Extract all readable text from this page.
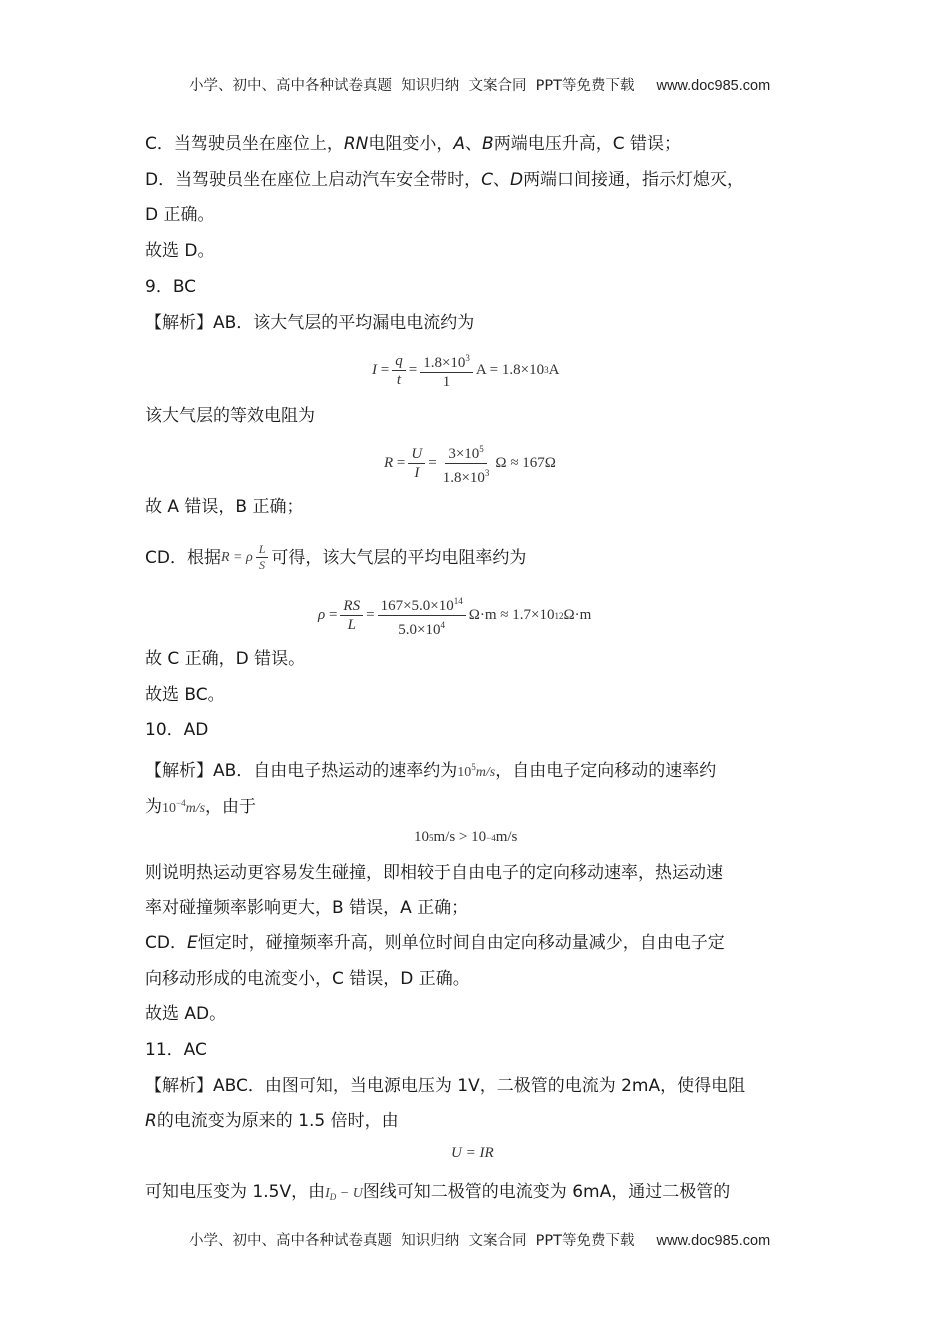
小学、初中、高中各种试卷真题  知识归纳  文案合同  PPT等免费下载 www.doc985.com

C．当驾驶员坐在座位上，RN电阻变小，A、B两端电压升高，C 错误；
D．当驾驶员坐在座位上启动汽车安全带时，C、D两端口间接通，指示灯熄灭，
D 正确。
故选 D。
9．BC
【解析】AB．该大气层的平均漏电电流约为
I
= $\frac{q}{t} = \frac{1.8\times 10^3}{1}$ A = 1.8×10 3 A
该大气层的等效电阻为
R
= $\frac{U}{I} = \frac{3\times 10^5}{1.8\times 10^3}$ Ω ≈ 167Ω
故 A 错误，B 正确；
CD．根据 R = ρ $\frac{L}{S}$ 可得，该大气层的平均电阻率约为
ρ
= $\frac{RS}{L} = \frac{167\times 5.0\times 10^{14}}{5.0\times 10^4} \Omega\cdot m \approx 1.7\times 10$ 12 Ω·m
故 C 正确，D 错误。
故选 BC。
10．AD
【解析】AB．自由电子热运动的速率约为$10^5m/s$，自由电子定向移动的速率约
为$10^{-4}m/s$，由于
10 5 m/s > 10 −4 m/s
则说明热运动更容易发生碰撞，即相较于自由电子的定向移动速率，热运动速
率对碰撞频率影响更大，B 错误，A 正确；
CD．E恒定时，碰撞频率升高，则单位时间自由定向移动量减少，自由电子定
向移动形成的电流变小，C 错误，D 正确。
故选 AD。
11．AC
【解析】ABC．由图可知，当电源电压为 1V，二极管的电流为 2mA，使得电阻
R的电流变为原来的 1.5 倍时，由
U = IR
可知电压变为 1.5V，由$I_D - U$图线可知二极管的电流变为 6mA，通过二极管的

小学、初中、高中各种试卷真题  知识归纳  文案合同  PPT等免费下载 www.doc985.com
